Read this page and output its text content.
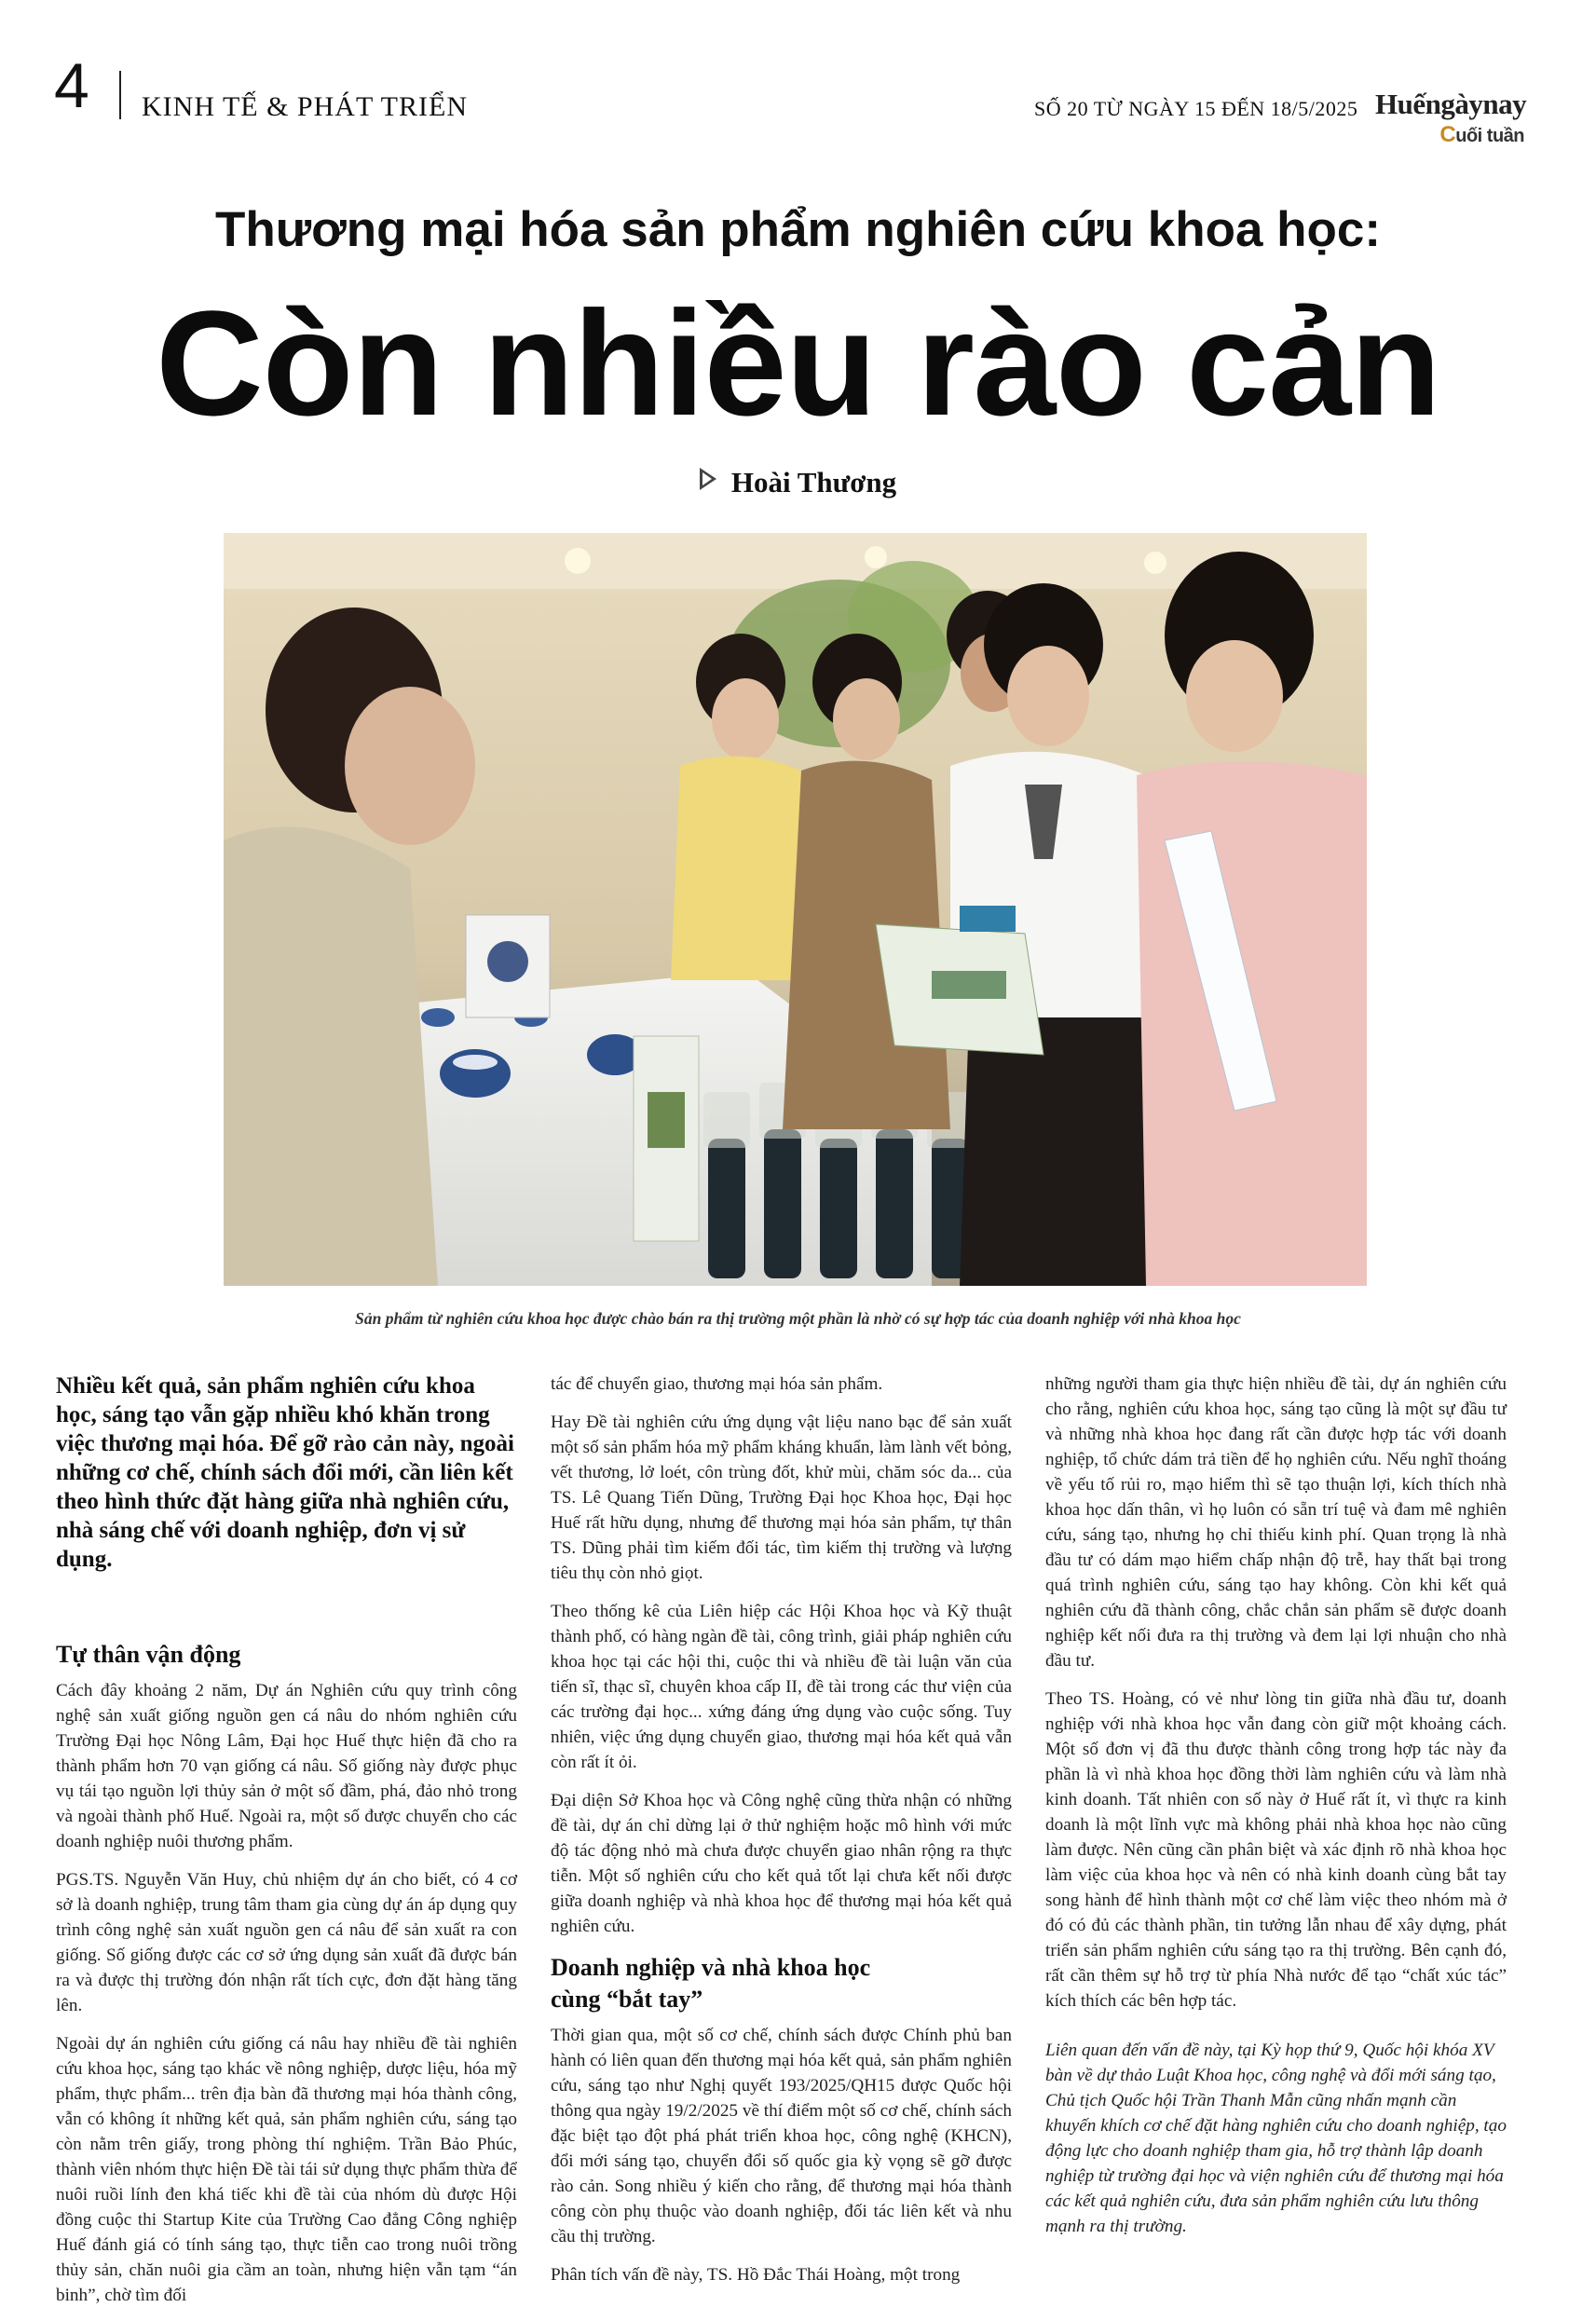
4 KINH TẾ & PHÁT TRIỂN	SỐ 20 TỪ NGÀY 15 ĐẾN 18/5/2025 Huếngàynay
Cuối tuần
Thương mại hóa sản phẩm nghiên cứu khoa học:
Còn nhiều rào cản
Hoài Thương
Sản phẩm từ nghiên cứu khoa học được chào bán ra thị trường một phần là nhờ có sự hợp tác của doanh nghiệp với nhà khoa học

Nhiều kết quả, sản phẩm nghiên cứu khoa học, sáng tạo vẫn gặp nhiều khó khăn trong việc thương mại hóa. Để gỡ rào cản này, ngoài những cơ chế, chính sách đổi mới, cần liên kết theo hình thức đặt hàng giữa nhà nghiên cứu, nhà sáng chế với doanh nghiệp, đơn vị sử dụng.

Tự thân vận động

Cách đây khoảng 2 năm, Dự án Nghiên cứu quy trình công nghệ sản xuất giống nguồn gen cá nâu do nhóm nghiên cứu Trường Đại học Nông Lâm, Đại học Huế thực hiện đã cho ra thành phẩm hơn 70 vạn giống cá nâu. Số giống này được phục vụ tái tạo nguồn lợi thủy sản ở một số đầm, phá, đảo nhỏ trong và ngoài thành phố Huế. Ngoài ra, một số được chuyển cho các doanh nghiệp nuôi thương phẩm.

PGS.TS. Nguyễn Văn Huy, chủ nhiệm dự án cho biết, có 4 cơ sở là doanh nghiệp, trung tâm tham gia cùng dự án áp dụng quy trình công nghệ sản xuất nguồn gen cá nâu để sản xuất ra con giống. Số giống được các cơ sở ứng dụng sản xuất đã được bán ra và được thị trường đón nhận rất tích cực, đơn đặt hàng tăng lên.

Ngoài dự án nghiên cứu giống cá nâu hay nhiều đề tài nghiên cứu khoa học, sáng tạo khác về nông nghiệp, dược liệu, hóa mỹ phẩm, thực phẩm... trên địa bàn đã thương mại hóa thành công, vẫn có không ít những kết quả, sản phẩm nghiên cứu, sáng tạo còn nằm trên giấy, trong phòng thí nghiệm. Trần Bảo Phúc, thành viên nhóm thực hiện Đề tài tái sử dụng thực phẩm thừa để nuôi ruồi lính đen khá tiếc khi đề tài của nhóm dù được Hội đồng cuộc thi Startup Kite của Trường Cao đẳng Công nghiệp Huế đánh giá có tính sáng tạo, thực tiễn cao trong nuôi trồng thủy sản, chăn nuôi gia cầm an toàn, nhưng hiện vẫn tạm “án binh”, chờ tìm đối

tác để chuyển giao, thương mại hóa sản phẩm.

Hay Đề tài nghiên cứu ứng dụng vật liệu nano bạc để sản xuất một số sản phẩm hóa mỹ phẩm kháng khuẩn, làm lành vết bỏng, vết thương, lở loét, côn trùng đốt, khử mùi, chăm sóc da... của TS. Lê Quang Tiến Dũng, Trường Đại học Khoa học, Đại học Huế rất hữu dụng, nhưng để thương mại hóa sản phẩm, tự thân TS. Dũng phải tìm kiếm đối tác, tìm kiếm thị trường và lượng tiêu thụ còn nhỏ giọt.

Theo thống kê của Liên hiệp các Hội Khoa học và Kỹ thuật thành phố, có hàng ngàn đề tài, công trình, giải pháp nghiên cứu khoa học tại các hội thi, cuộc thi và nhiều đề tài luận văn của tiến sĩ, thạc sĩ, chuyên khoa cấp II, đề tài trong các thư viện của các trường đại học... xứng đáng ứng dụng vào cuộc sống. Tuy nhiên, việc ứng dụng chuyển giao, thương mại hóa kết quả vẫn còn rất ít ỏi.

Đại diện Sở Khoa học và Công nghệ cũng thừa nhận có những đề tài, dự án chỉ dừng lại ở thử nghiệm hoặc mô hình với mức độ tác động nhỏ mà chưa được chuyển giao nhân rộng ra thực tiễn. Một số nghiên cứu cho kết quả tốt lại chưa kết nối được giữa doanh nghiệp và nhà khoa học để thương mại hóa kết quả nghiên cứu.

Doanh nghiệp và nhà khoa học
cùng “bắt tay”

Thời gian qua, một số cơ chế, chính sách được Chính phủ ban hành có liên quan đến thương mại hóa kết quả, sản phẩm nghiên cứu, sáng tạo như Nghị quyết 193/2025/QH15 được Quốc hội thông qua ngày 19/2/2025 về thí điểm một số cơ chế, chính sách đặc biệt tạo đột phá phát triển khoa học, công nghệ (KHCN), đổi mới sáng tạo, chuyển đổi số quốc gia kỳ vọng sẽ gỡ được rào cản. Song nhiều ý kiến cho rằng, để thương mại hóa thành công còn phụ thuộc vào doanh nghiệp, đối tác liên kết và nhu cầu thị trường.

Phân tích vấn đề này, TS. Hồ Đắc Thái Hoàng, một trong

những người tham gia thực hiện nhiều đề tài, dự án nghiên cứu cho rằng, nghiên cứu khoa học, sáng tạo cũng là một sự đầu tư và những nhà khoa học đang rất cần được hợp tác với doanh nghiệp, tổ chức dám trả tiền để họ nghiên cứu. Nếu nghĩ thoáng về yếu tố rủi ro, mạo hiểm thì sẽ tạo thuận lợi, kích thích nhà khoa học dấn thân, vì họ luôn có sẵn trí tuệ và đam mê nghiên cứu, sáng tạo, nhưng họ chỉ thiếu kinh phí. Quan trọng là nhà đầu tư có dám mạo hiểm chấp nhận độ trễ, hay thất bại trong quá trình nghiên cứu, sáng tạo hay không. Còn khi kết quả nghiên cứu đã thành công, chắc chắn sản phẩm sẽ được doanh nghiệp kết nối đưa ra thị trường và đem lại lợi nhuận cho nhà đầu tư.

Theo TS. Hoàng, có vẻ như lòng tin giữa nhà đầu tư, doanh nghiệp với nhà khoa học vẫn đang còn giữ một khoảng cách. Một số đơn vị đã thu được thành công trong hợp tác này đa phần là vì nhà khoa học đồng thời làm nghiên cứu và làm nhà kinh doanh. Tất nhiên con số này ở Huế rất ít, vì thực ra kinh doanh là một lĩnh vực mà không phải nhà khoa học nào cũng làm được. Nên cũng cần phân biệt và xác định rõ nhà khoa học làm việc của khoa học và nên có nhà kinh doanh cùng bắt tay song hành để hình thành một cơ chế làm việc theo nhóm mà ở đó có đủ các thành phần, tin tưởng lẫn nhau để xây dựng, phát triển sản phẩm nghiên cứu sáng tạo ra thị trường. Bên cạnh đó, rất cần thêm sự hỗ trợ từ phía Nhà nước để tạo “chất xúc tác” kích thích các bên hợp tác.

Liên quan đến vấn đề này, tại Kỳ họp thứ 9, Quốc hội khóa XV bàn về dự thảo Luật Khoa học, công nghệ và đổi mới sáng tạo, Chủ tịch Quốc hội Trần Thanh Mẫn cũng nhấn mạnh cần khuyến khích cơ chế đặt hàng nghiên cứu cho doanh nghiệp, tạo động lực cho doanh nghiệp tham gia, hỗ trợ thành lập doanh nghiệp từ trường đại học và viện nghiên cứu để thương mại hóa các kết quả nghiên cứu, đưa sản phẩm nghiên cứu lưu thông mạnh ra thị trường.
